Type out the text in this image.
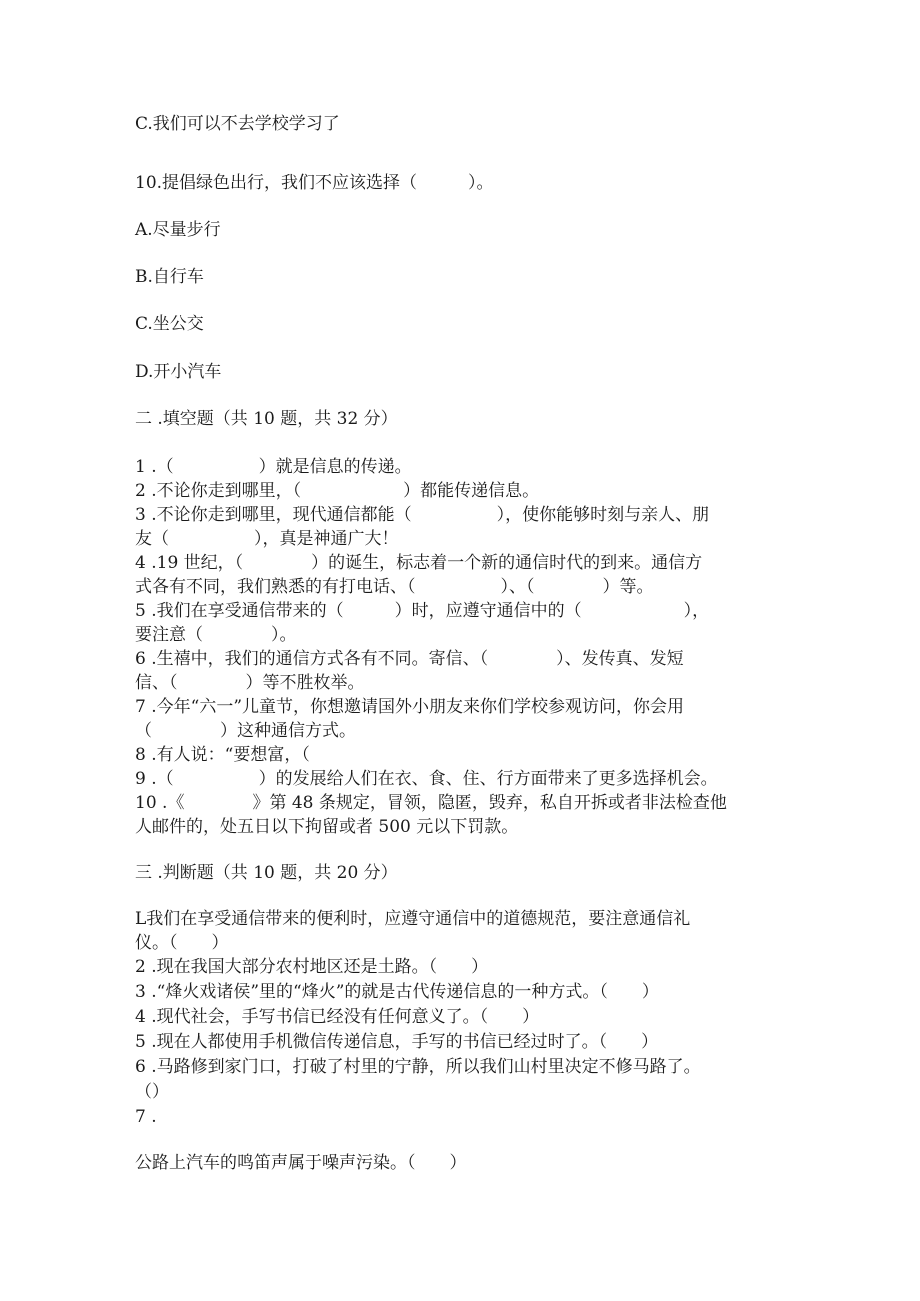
C.我们可以不去学校学习了
10.提倡绿色出行，我们不应该选择（　　　）。
A.尽量步行
B.自行车
C.坐公交
D.开小汽车
二 .填空题（共 10 题，共 32 分）
1 .（　　　　　）就是信息的传递。
2 .不论你走到哪里，（　　　　　　）都能传递信息。
3 .不论你走到哪里，现代通信都能（　　　　　），使你能够时刻与亲人、朋
友（　　　　　），真是神通广大！
4 .19 世纪，（　　　　）的诞生，标志着一个新的通信时代的到来。通信方
式各有不同，我们熟悉的有打电话、（　　　　　）、（　　　　）等。
5 .我们在享受通信带来的（　　　）时，应遵守通信中的（　　　　　　），
要注意（　　　　）。
6 .生禧中，我们的通信方式各有不同。寄信、（　　　　）、发传真、发短
信、（　　　　）等不胜枚举。
7 .今年“六一”儿童节，你想邀请国外小朋友来你们学校参观访问，你会用
（　　　　）这种通信方式。
8 .有人说：“要想富，（
9 .（　　　　　）的发展给人们在衣、食、住、行方面带来了更多选择机会。
10 .《　　　　》第 48 条规定，冒领，隐匿，毁弃，私自开拆或者非法检查他
人邮件的，处五日以下拘留或者 500 元以下罚款。
三 .判断题（共 10 题，共 20 分）
L我们在享受通信带来的便利时，应遵守通信中的道德规范，要注意通信礼
仪。（　　）
2 .现在我国大部分农村地区还是土路。（　　）
3 .“烽火戏诸侯”里的“烽火”的就是古代传递信息的一种方式。（　　）
4 .现代社会，手写书信已经没有任何意义了。（　　）
5 .现在人都使用手机微信传递信息，手写的书信已经过时了。（　　）
6 .马路修到家门口，打破了村里的宁静，所以我们山村里决定不修马路了。
（）
7 .
公路上汽车的鸣笛声属于噪声污染。（　　）
